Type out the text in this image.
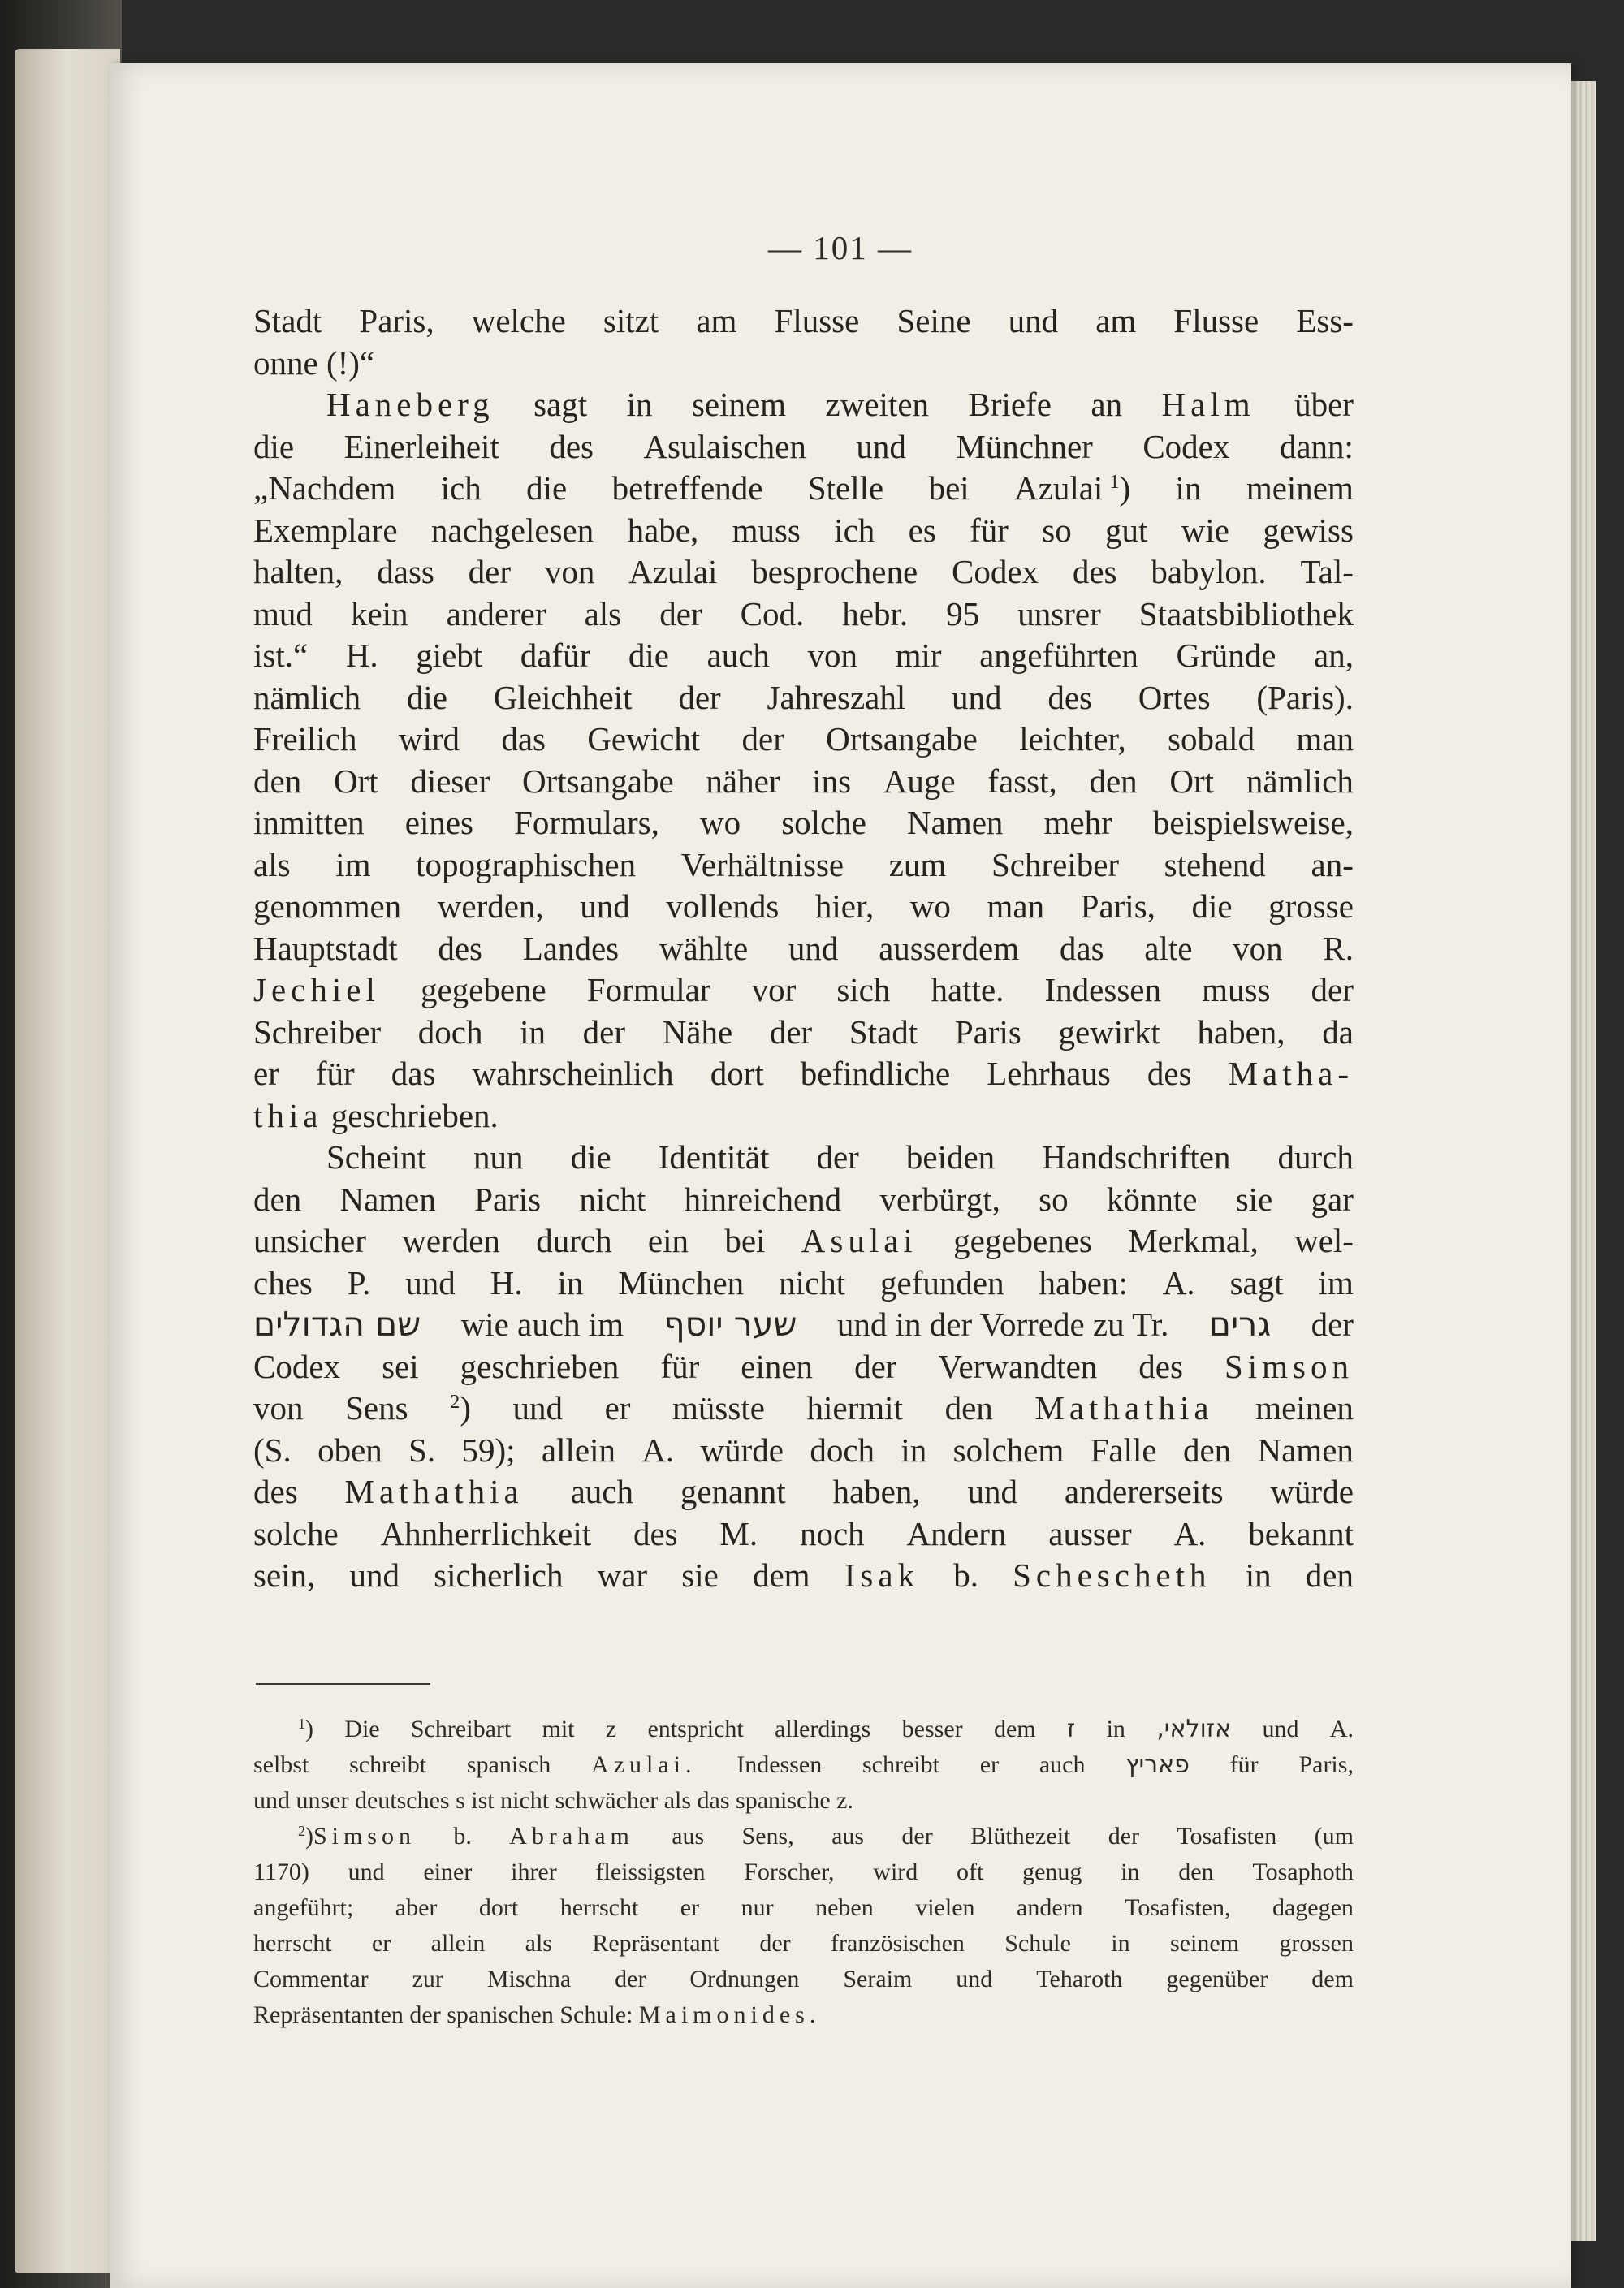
— 101 —
Stadt Paris, welche sitzt am Flusse Seine und am Flusse Ess-
onne (!)“
Haneberg sagt in seinem zweiten Briefe an Halm über
die Einerleiheit des Asulaischen und Münchner Codex dann:
„Nachdem ich die betreffende Stelle bei Azulai  $^1$) in meinem
Exemplare nachgelesen habe, muss ich es für so gut wie gewiss
halten, dass der von Azulai besprochene Codex des babylon. Tal-
mud kein anderer als der Cod. hebr. 95 unsrer Staatsbibliothek
ist.“ H. giebt dafür die auch von mir angeführten Gründe an,
nämlich die Gleichheit der Jahreszahl und des Ortes (Paris).
Freilich wird das Gewicht der Ortsangabe leichter, sobald man
den Ort dieser Ortsangabe näher ins Auge fasst, den Ort nämlich
inmitten eines Formulars, wo solche Namen mehr beispielsweise,
als im topographischen Verhältnisse zum Schreiber stehend an-
genommen werden, und vollends hier, wo man Paris, die grosse
Hauptstadt des Landes wählte und ausserdem das alte von R.
Jechiel gegebene Formular vor sich hatte. Indessen muss der
Schreiber doch in der Nähe der Stadt Paris gewirkt haben, da
er für das wahrscheinlich dort befindliche Lehrhaus des Matha-
thia
geschrieben.
Scheint nun die Identität der beiden Handschriften durch
den Namen Paris nicht hinreichend verbürgt, so könnte sie gar
unsicher werden durch ein bei Asulai gegebenes Merkmal, wel-
ches P. und H. in München nicht gefunden haben: A. sagt im
שם הגדולים wie auch im שער יוסף und in der Vorrede zu Tr. גרים der
Codex sei geschrieben für einen der Verwandten des Simson
von Sens $^2$) und er müsste hiermit den Mathathia meinen
(S. oben S. 59); allein A. würde doch in solchem Falle den Namen
des Mathathia auch genannt haben, und andererseits würde
solche Ahnherrlichkeit des M. noch Andern ausser A. bekannt
sein, und sicherlich war sie dem Isak b. Schescheth in den
$^1$) Die Schreibart mit z entspricht allerdings besser dem ז in אזולאי, und A.
selbst schreibt spanisch Azulai. Indessen schreibt er auch פאריץ für Paris,
und unser deutsches s ist nicht schwächer als das spanische z.
$^2$)Simson b. Abraham aus Sens, aus der Blüthezeit der Tosafisten (um
1170) und einer ihrer fleissigsten Forscher, wird oft genug in den Tosaphoth
angeführt; aber dort herrscht er nur neben vielen andern Tosafisten, dagegen
herrscht er allein als Repräsentant der französischen Schule in seinem grossen
Commentar zur Mischna der Ordnungen Seraim und Teharoth gegenüber dem
Repräsentanten der spanischen Schule:
Maimonides.
